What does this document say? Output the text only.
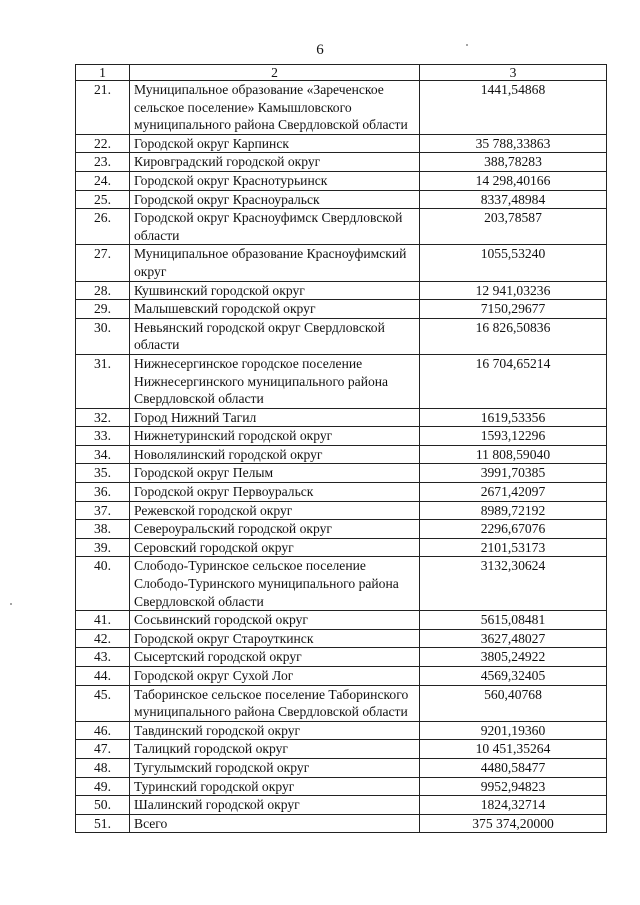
6
1	2	3
21.	Муниципальное образование «Зареченское сельское поселение» Камышловского муниципального района Свердловской области	1441,54868
22.	Городской округ Карпинск	35 788,33863
23.	Кировградский городской округ	388,78283
24.	Городской округ Краснотурьинск	14 298,40166
25.	Городской округ Красноуральск	8337,48984
26.	Городской округ Красноуфимск Свердловской области	203,78587
27.	Муниципальное образование Красноуфимский округ	1055,53240
28.	Кушвинский городской округ	12 941,03236
29.	Малышевский городской округ	7150,29677
30.	Невьянский городской округ Свердловской области	16 826,50836
31.	Нижнесергинское городское поселение Нижнесергинского муниципального района Свердловской области	16 704,65214
32.	Город Нижний Тагил	1619,53356
33.	Нижнетуринский городской округ	1593,12296
34.	Новолялинский городской округ	11 808,59040
35.	Городской округ Пелым	3991,70385
36.	Городской округ Первоуральск	2671,42097
37.	Режевской городской округ	8989,72192
38.	Североуральский городской округ	2296,67076
39.	Серовский городской округ	2101,53173
40.	Слободо-Туринское сельское поселение Слободо-Туринского муниципального района Свердловской области	3132,30624
41.	Сосьвинский городской округ	5615,08481
42.	Городской округ Староуткинск	3627,48027
43.	Сысертский городской округ	3805,24922
44.	Городской округ Сухой Лог	4569,32405
45.	Таборинское сельское поселение Таборинского муниципального района Свердловской области	560,40768
46.	Тавдинский городской округ	9201,19360
47.	Талицкий городской округ	10 451,35264
48.	Тугулымский городской округ	4480,58477
49.	Туринский городской округ	9952,94823
50.	Шалинский городской округ	1824,32714
51.	Всего	375 374,20000
